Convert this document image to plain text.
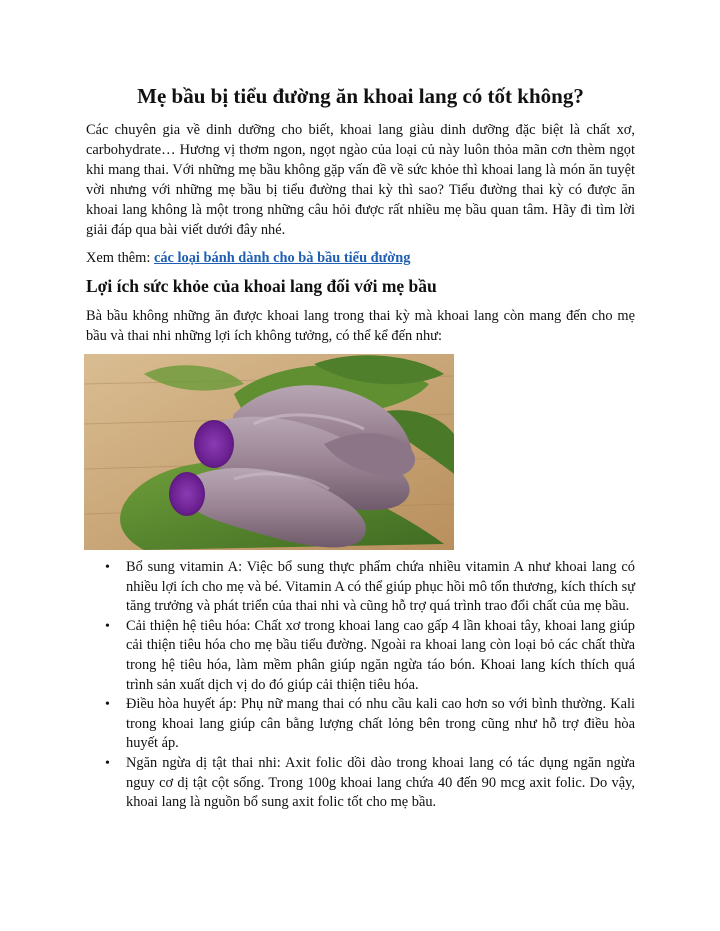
Mẹ bầu bị tiểu đường ăn khoai lang có tốt không?

Các chuyên gia về dinh dưỡng cho biết, khoai lang giàu dinh dưỡng đặc biệt là chất xơ, carbohydrate… Hương vị thơm ngon, ngọt ngào của loại củ này luôn thỏa mãn cơn thèm ngọt khi mang thai. Với những mẹ bầu không gặp vấn đề về sức khỏe thì khoai lang là món ăn tuyệt vời nhưng với những mẹ bầu bị tiểu đường thai kỳ thì sao? Tiểu đường thai kỳ có được ăn khoai lang không là một trong những câu hỏi được rất nhiều mẹ bầu quan tâm. Hãy đi tìm lời giải đáp qua bài viết dưới đây nhé.

Xem thêm: các loại bánh dành cho bà bầu tiểu đường

Lợi ích sức khỏe của khoai lang đối với mẹ bầu

Bà bầu không những ăn được khoai lang trong thai kỳ mà khoai lang còn mang đến cho mẹ bầu và thai nhi những lợi ích không tưởng, có thể kể đến như:

•	Bổ sung vitamin A: Việc bổ sung thực phẩm chứa nhiều vitamin A như khoai lang có nhiều lợi ích cho mẹ và bé. Vitamin A có thể giúp phục hồi mô tổn thương, kích thích sự tăng trưởng và phát triển của thai nhi và cũng hỗ trợ quá trình trao đổi chất của mẹ bầu.
•	Cải thiện hệ tiêu hóa: Chất xơ trong khoai lang cao gấp 4 lần khoai tây, khoai lang giúp cải thiện tiêu hóa cho mẹ bầu tiểu đường. Ngoài ra khoai lang còn loại bỏ các chất thừa trong hệ tiêu hóa, làm mềm phân giúp ngăn ngừa táo bón. Khoai lang kích thích quá trình sản xuất dịch vị do đó giúp cải thiện tiêu hóa.
•	Điều hòa huyết áp: Phụ nữ mang thai có nhu cầu kali cao hơn so với bình thường. Kali trong khoai lang giúp cân bằng lượng chất lỏng bên trong cũng như hỗ trợ điều hòa huyết áp.
•	Ngăn ngừa dị tật thai nhi: Axit folic dồi dào trong khoai lang có tác dụng ngăn ngừa nguy cơ dị tật cột sống. Trong 100g khoai lang chứa 40 đến 90 mcg axit folic. Do vậy, khoai lang là nguồn bổ sung axit folic tốt cho mẹ bầu.
